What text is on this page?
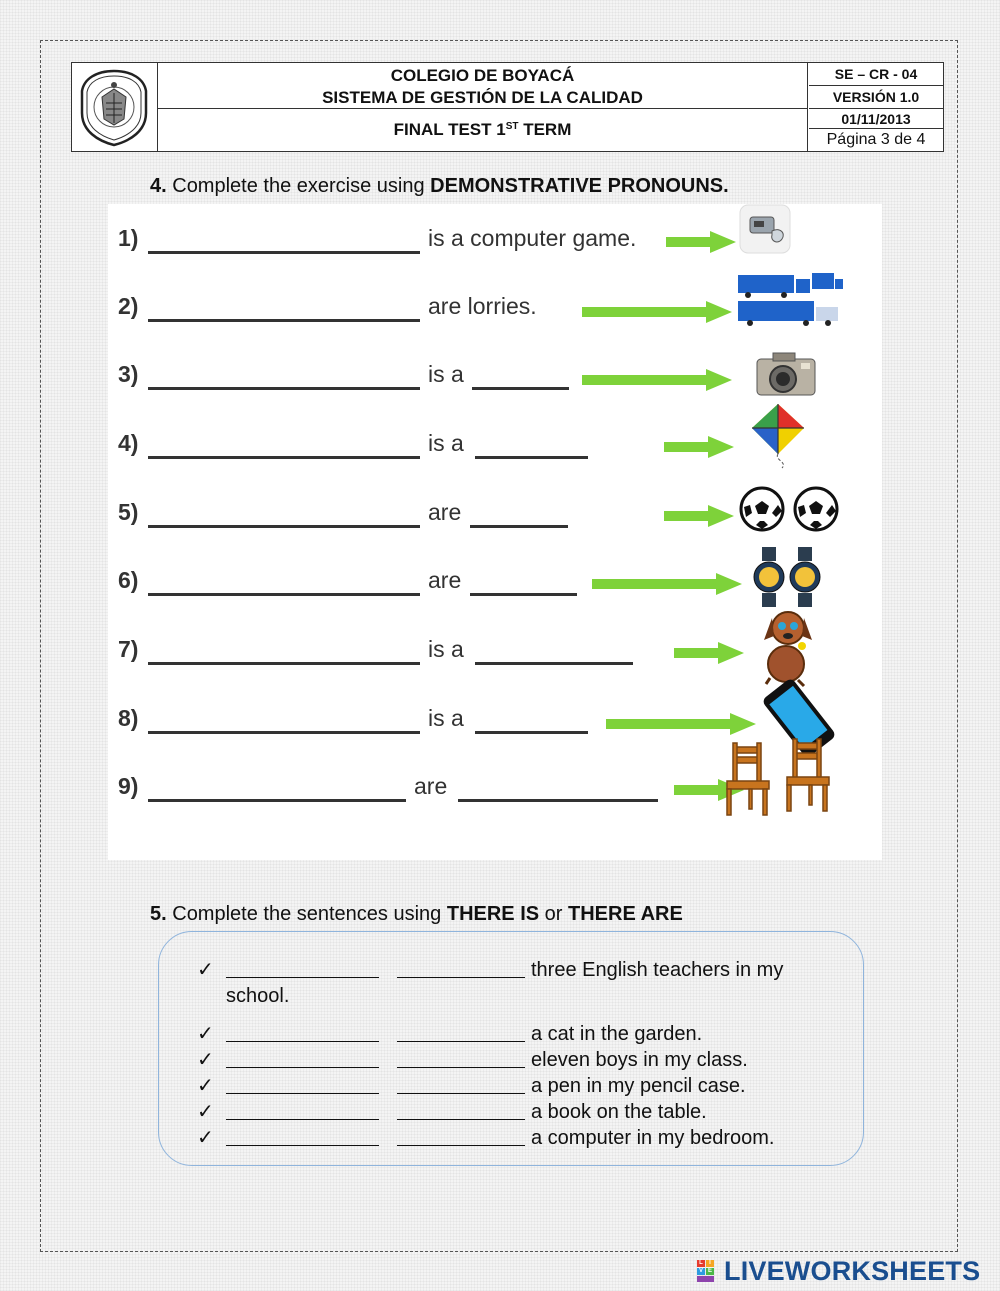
COLEGIO DE BOYACÁ
SISTEMA DE GESTIÓN DE LA CALIDAD
FINAL TEST 1ST TERM
SE – CR - 04
VERSIÓN 1.0
01/11/2013
Página 3 de 4
4. Complete the exercise using DEMONSTRATIVE PRONOUNS.
1)	is a computer game.
2)	are lorries.
3)	is a
4)	is a
5)	are
6)	are
7)	is a
8)	is a
9)	are
5. Complete the sentences using THERE IS or THERE ARE
✓	three English teachers in my
✓	a cat in the garden.
✓	eleven boys in my class.
✓	a pen in my pencil case.
✓	a book on the table.
✓	a computer in my bedroom.
school.
L	I
V E LIVEWORKSHEETS
